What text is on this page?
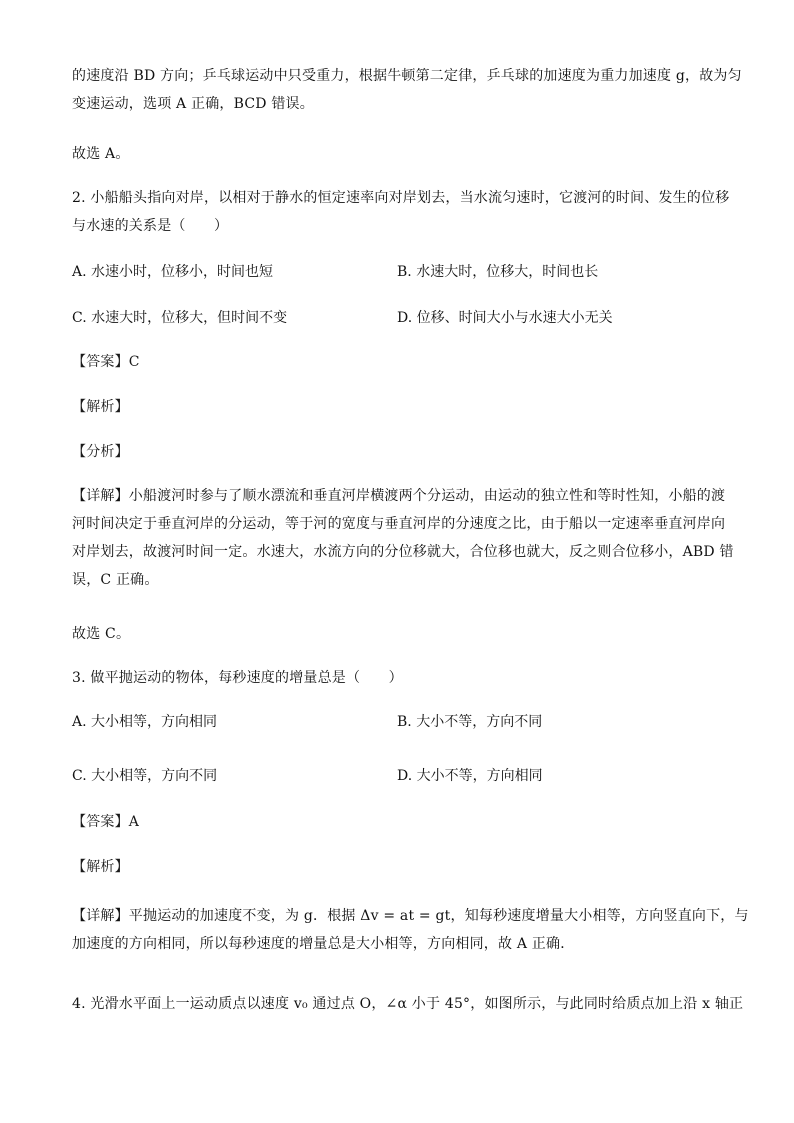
的速度沿 BD 方向；乒乓球运动中只受重力，根据牛顿第二定律，乒乓球的加速度为重力加速度 g，故为匀
变速运动，选项 A 正确，BCD 错误。
故选 A。
2. 小船船头指向对岸，以相对于静水的恒定速率向对岸划去，当水流匀速时，它渡河的时间、发生的位移
与水速的关系是（　　）
A. 水速小时，位移小，时间也短	B. 水速大时，位移大，时间也长
C. 水速大时，位移大，但时间不变	D. 位移、时间大小与水速大小无关
【答案】C
【解析】
【分析】
【详解】小船渡河时参与了顺水漂流和垂直河岸横渡两个分运动，由运动的独立性和等时性知，小船的渡
河时间决定于垂直河岸的分运动，等于河的宽度与垂直河岸的分速度之比，由于船以一定速率垂直河岸向
对岸划去，故渡河时间一定。水速大，水流方向的分位移就大，合位移也就大，反之则合位移小，ABD 错
误，C 正确。
故选 C。
3. 做平抛运动的物体，每秒速度的增量总是（　　）
A. 大小相等，方向相同	B. 大小不等，方向不同
C. 大小相等，方向不同	D. 大小不等，方向相同
【答案】A
【解析】
【详解】平抛运动的加速度不变，为 g．根据 Δv = at = gt，知每秒速度增量大小相等，方向竖直向下，与
加速度的方向相同，所以每秒速度的增量总是大小相等，方向相同，故 A 正确．
4. 光滑水平面上一运动质点以速度 v₀ 通过点 O，∠α 小于 45°，如图所示，与此同时给质点加上沿 x 轴正
